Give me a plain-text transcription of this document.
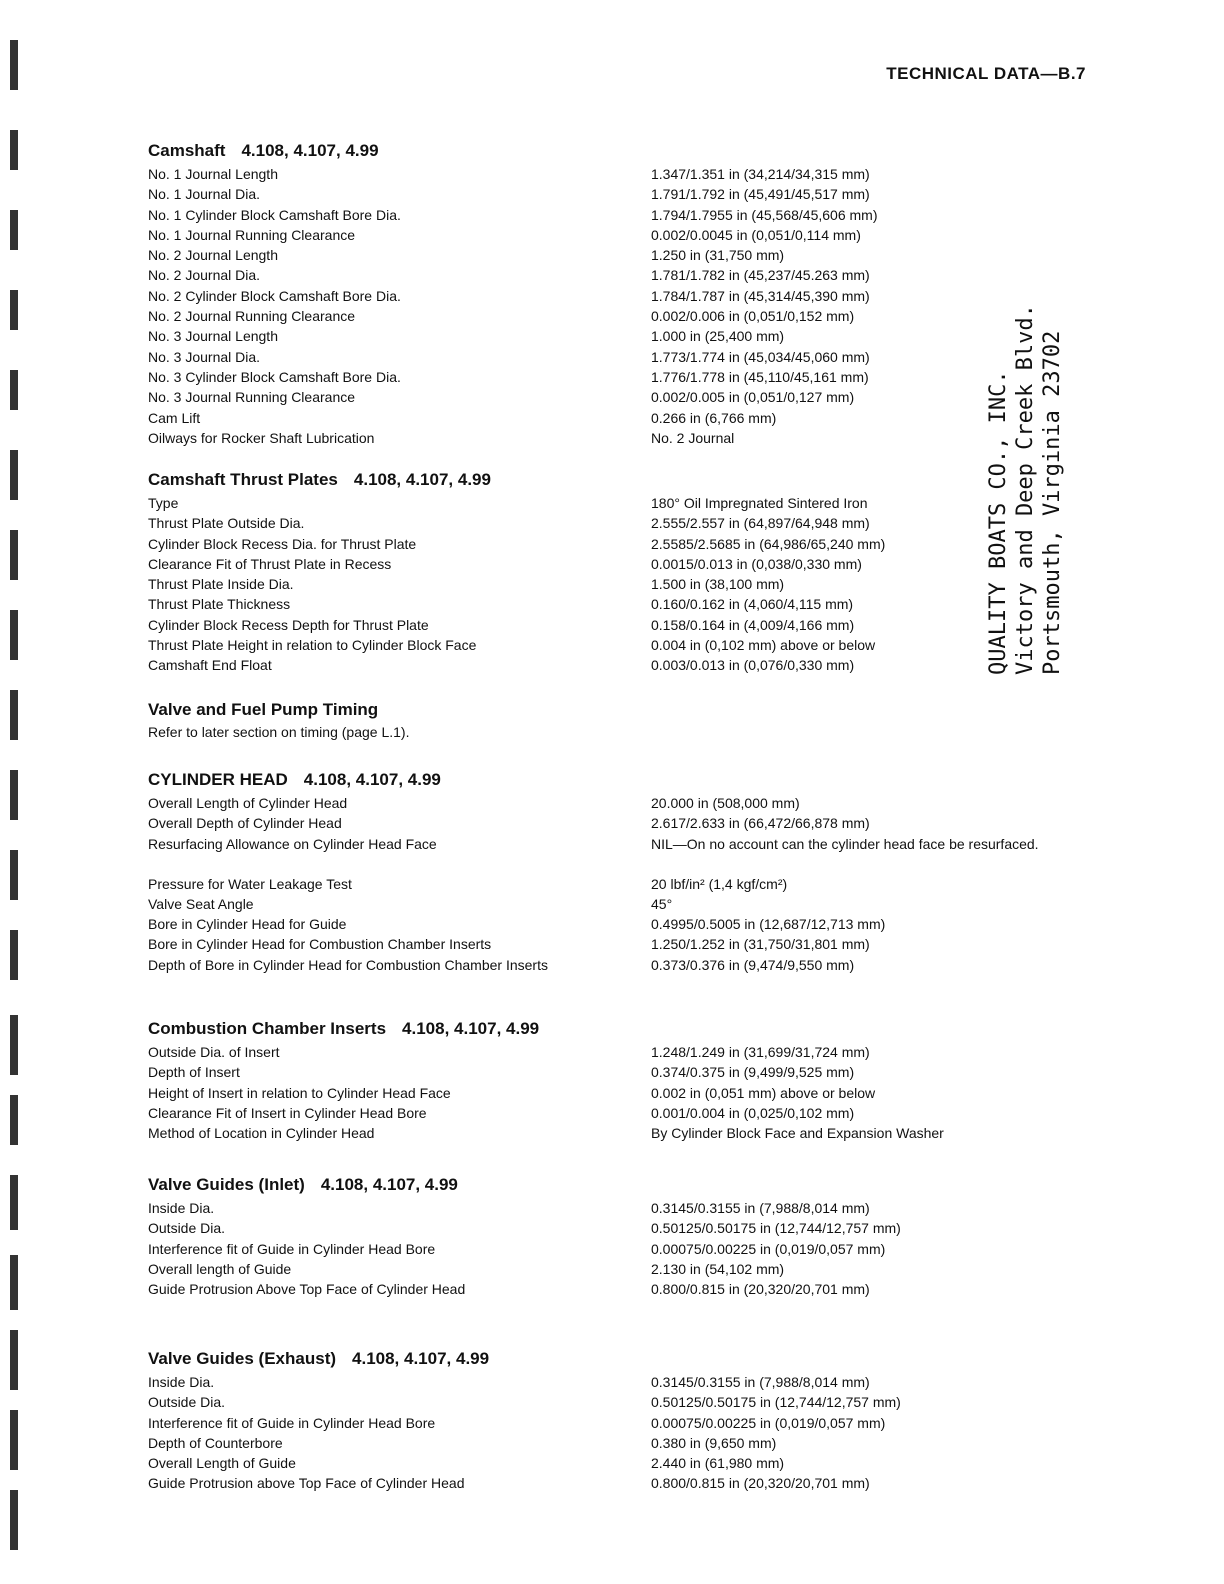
TECHNICAL DATA—B.7
Camshaft 4.108, 4.107, 4.99
No. 1 Journal Length	1.347/1.351 in (34,214/34,315 mm)
No. 1 Journal Dia.	1.791/1.792 in (45,491/45,517 mm)
No. 1 Cylinder Block Camshaft Bore Dia.	1.794/1.7955 in (45,568/45,606 mm)
No. 1 Journal Running Clearance	0.002/0.0045 in (0,051/0,114 mm)
No. 2 Journal Length	1.250 in (31,750 mm)
No. 2 Journal Dia.	1.781/1.782 in (45,237/45.263 mm)
No. 2 Cylinder Block Camshaft Bore Dia.	1.784/1.787 in (45,314/45,390 mm)
No. 2 Journal Running Clearance	0.002/0.006 in (0,051/0,152 mm)
No. 3 Journal Length	1.000 in (25,400 mm)
No. 3 Journal Dia.	1.773/1.774 in (45,034/45,060 mm)
No. 3 Cylinder Block Camshaft Bore Dia.	1.776/1.778 in (45,110/45,161 mm)
No. 3 Journal Running Clearance	0.002/0.005 in (0,051/0,127 mm)
Cam Lift	0.266 in (6,766 mm)
Oilways for Rocker Shaft Lubrication	No. 2 Journal
Camshaft Thrust Plates 4.108, 4.107, 4.99
Type	180° Oil Impregnated Sintered Iron
Thrust Plate Outside Dia.	2.555/2.557 in (64,897/64,948 mm)
Cylinder Block Recess Dia. for Thrust Plate	2.5585/2.5685 in (64,986/65,240 mm)
Clearance Fit of Thrust Plate in Recess	0.0015/0.013 in (0,038/0,330 mm)
Thrust Plate Inside Dia.	1.500 in (38,100 mm)
Thrust Plate Thickness	0.160/0.162 in (4,060/4,115 mm)
Cylinder Block Recess Depth for Thrust Plate	0.158/0.164 in (4,009/4,166 mm)
Thrust Plate Height in relation to Cylinder Block Face	0.004 in (0,102 mm) above or below
Camshaft End Float	0.003/0.013 in (0,076/0,330 mm)
Valve and Fuel Pump Timing
Refer to later section on timing (page L.1).
CYLINDER HEAD 4.108, 4.107, 4.99
Overall Length of Cylinder Head	20.000 in (508,000 mm)
Overall Depth of Cylinder Head	2.617/2.633 in (66,472/66,878 mm)
Resurfacing Allowance on Cylinder Head Face	NIL—On no account can the cylinder head face be resurfaced.
Pressure for Water Leakage Test	20 lbf/in² (1,4 kgf/cm²)
Valve Seat Angle	45°
Bore in Cylinder Head for Guide	0.4995/0.5005 in (12,687/12,713 mm)
Bore in Cylinder Head for Combustion Chamber Inserts	1.250/1.252 in (31,750/31,801 mm)
Depth of Bore in Cylinder Head for Combustion Chamber Inserts	0.373/0.376 in (9,474/9,550 mm)
Combustion Chamber Inserts 4.108, 4.107, 4.99
Outside Dia. of Insert	1.248/1.249 in (31,699/31,724 mm)
Depth of Insert	0.374/0.375 in (9,499/9,525 mm)
Height of Insert in relation to Cylinder Head Face	0.002 in (0,051 mm) above or below
Clearance Fit of Insert in Cylinder Head Bore	0.001/0.004 in (0,025/0,102 mm)
Method of Location in Cylinder Head	By Cylinder Block Face and Expansion Washer
Valve Guides (Inlet) 4.108, 4.107, 4.99
Inside Dia.	0.3145/0.3155 in (7,988/8,014 mm)
Outside Dia.	0.50125/0.50175 in (12,744/12,757 mm)
Interference fit of Guide in Cylinder Head Bore	0.00075/0.00225 in (0,019/0,057 mm)
Overall length of Guide	2.130 in (54,102 mm)
Guide Protrusion Above Top Face of Cylinder Head	0.800/0.815 in (20,320/20,701 mm)
Valve Guides (Exhaust) 4.108, 4.107, 4.99
Inside Dia.	0.3145/0.3155 in (7,988/8,014 mm)
Outside Dia.	0.50125/0.50175 in (12,744/12,757 mm)
Interference fit of Guide in Cylinder Head Bore	0.00075/0.00225 in (0,019/0,057 mm)
Depth of Counterbore	0.380 in (9,650 mm)
Overall Length of Guide	2.440 in (61,980 mm)
Guide Protrusion above Top Face of Cylinder Head	0.800/0.815 in (20,320/20,701 mm)
QUALITY BOATS CO., INC. Victory and Deep Creek Blvd. Portsmouth, Virginia 23702
